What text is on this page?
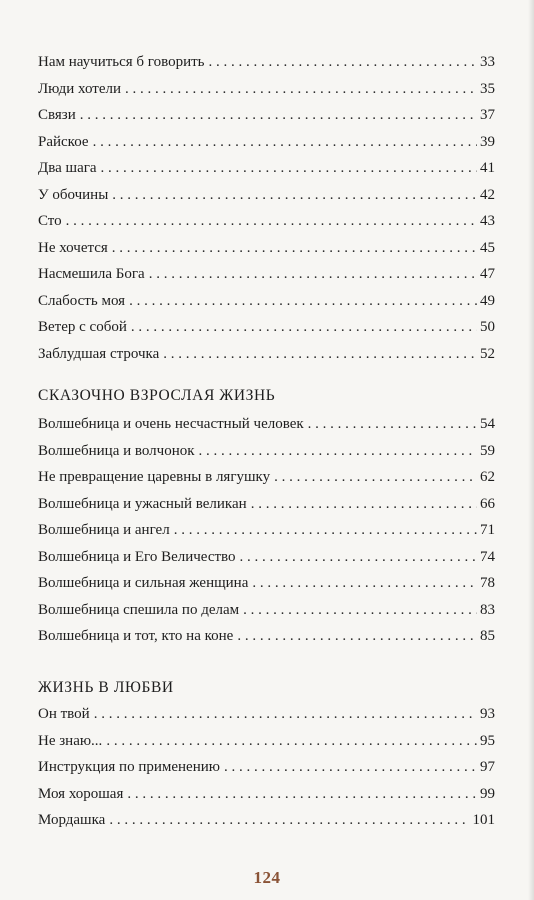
Нам научиться б говорить . . .	33
Люди хотели . . .	35
Связи . . .	37
Райское . . .	39
Два шага . . .	41
У обочины . . .	42
Сто . . .	43
Не хочется . . .	45
Насмешила Бога . . .	47
Слабость моя . . .	49
Ветер с собой . . .	50
Заблудшая строчка . . .	52
СКАЗОЧНО ВЗРОСЛАЯ ЖИЗНЬ
Волшебница и очень несчастный человек . . .	54
Волшебница и волчонок . . .	59
Не превращение царевны в лягушку . . .	62
Волшебница и ужасный великан . . .	66
Волшебница и ангел . . .	71
Волшебница и Его Величество . . .	74
Волшебница и сильная женщина . . .	78
Волшебница спешила по делам . . .	83
Волшебница и тот, кто на коне . . .	85
ЖИЗНЬ В ЛЮБВИ
Он твой . . .	93
Не знаю... . . .	95
Инструкция по применению . . .	97
Моя хорошая . . .	99
Мордашка . . .	101
124
